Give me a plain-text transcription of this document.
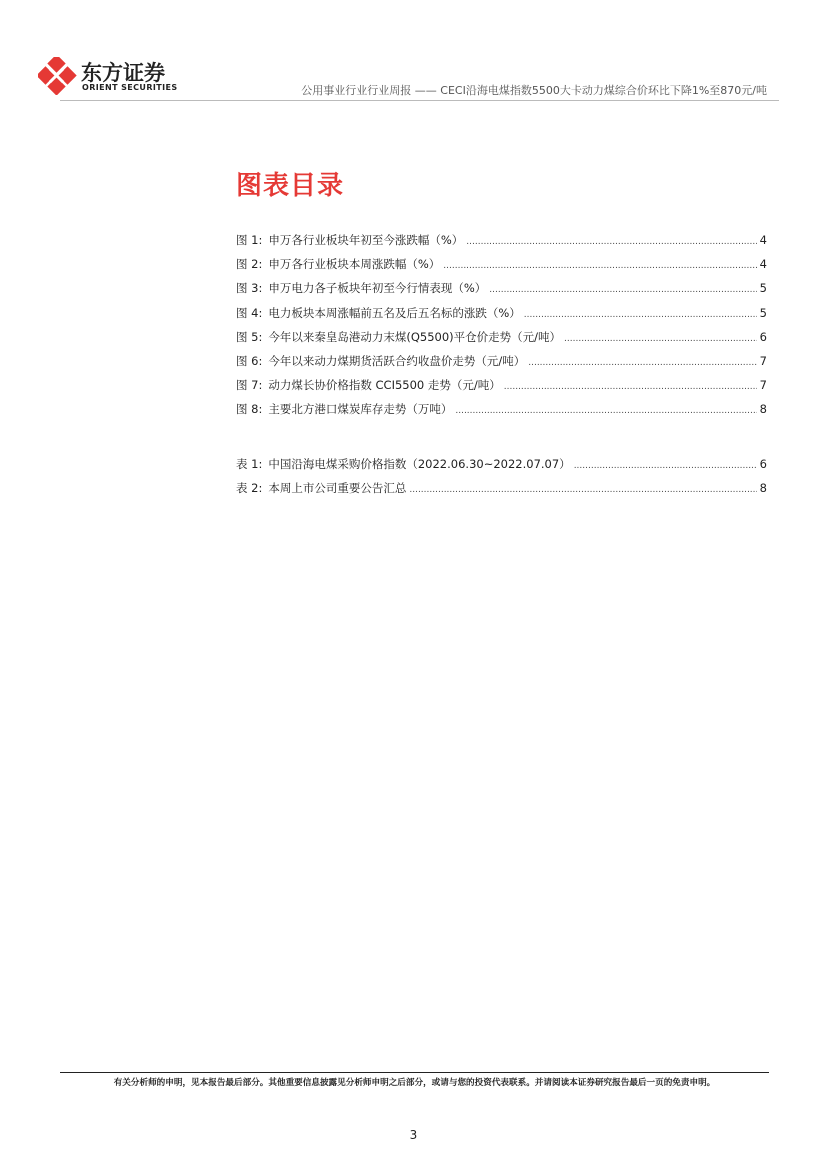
东方证券
ORIENT SECURITIES	公用事业行业行业周报 —— CECI沿海电煤指数5500大卡动力煤综合价环比下降1%至870元/吨
图表目录
图 1: 申万各行业板块年初至今涨跌幅（%） .....	4
图 2: 申万各行业板块本周涨跌幅（%） .....	4
图 3: 申万电力各子板块年初至今行情表现（%） .....	5
图 4: 电力板块本周涨幅前五名及后五名标的涨跌（%） .....	5
图 5: 今年以来秦皇岛港动力末煤(Q5500)平仓价走势（元/吨） .....	6
图 6: 今年以来动力煤期货活跃合约收盘价走势（元/吨） .....	7
图 7: 动力煤长协价格指数 CCI5500 走势（元/吨） .....	7
图 8: 主要北方港口煤炭库存走势（万吨） .....	8
表 1: 中国沿海电煤采购价格指数（2022.06.30~2022.07.07） .....	6
表 2: 本周上市公司重要公告汇总 .....	8
有关分析师的申明，见本报告最后部分。其他重要信息披露见分析师申明之后部分，或请与您的投资代表联系。并请阅读本证券研究报告最后一页的免责申明。
3
